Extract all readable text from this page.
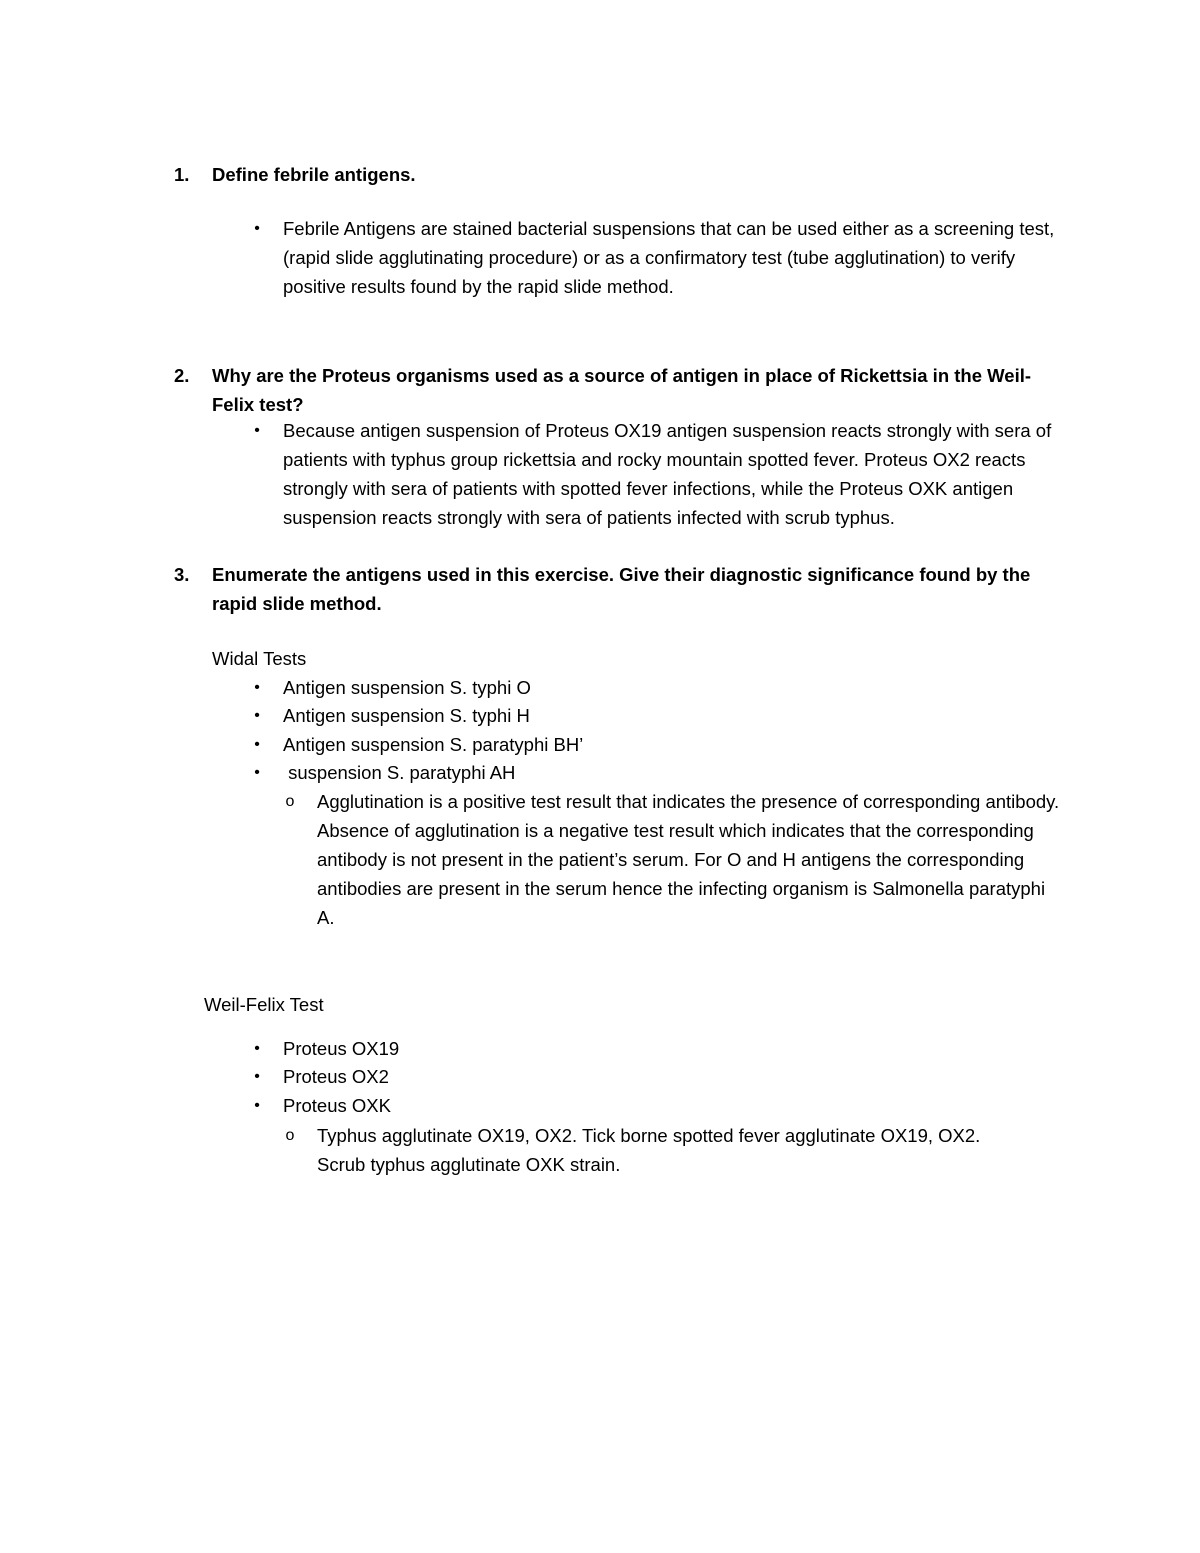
1.	Define febrile antigens.
• Febrile Antigens are stained bacterial suspensions that can be used either as a screening test, (rapid slide agglutinating procedure) or as a confirmatory test (tube agglutination) to verify positive results found by the rapid slide method.
2.	Why are the Proteus organisms used as a source of antigen in place of Rickettsia in the Weil-Felix test?
• Because antigen suspension of Proteus OX19 antigen suspension reacts strongly with sera of patients with typhus group rickettsia and rocky mountain spotted fever. Proteus OX2 reacts strongly with sera of patients with spotted fever infections, while the Proteus OXK antigen suspension reacts strongly with sera of patients infected with scrub typhus.
3.	Enumerate the antigens used in this exercise. Give their diagnostic significance found by the rapid slide method.
Widal Tests
• Antigen suspension S. typhi O
• Antigen suspension S. typhi H
• Antigen suspension S. paratyphi BH’
• suspension S. paratyphi AH
o Agglutination is a positive test result that indicates the presence of corresponding antibody. Absence of agglutination is a negative test result which indicates that the corresponding antibody is not present in the patient’s serum. For O and H antigens the corresponding antibodies are present in the serum hence the infecting organism is Salmonella paratyphi A.
Weil-Felix Test
• Proteus OX19
• Proteus OX2
• Proteus OXK
o Typhus agglutinate OX19, OX2. Tick borne spotted fever agglutinate OX19, OX2. Scrub typhus agglutinate OXK strain.
